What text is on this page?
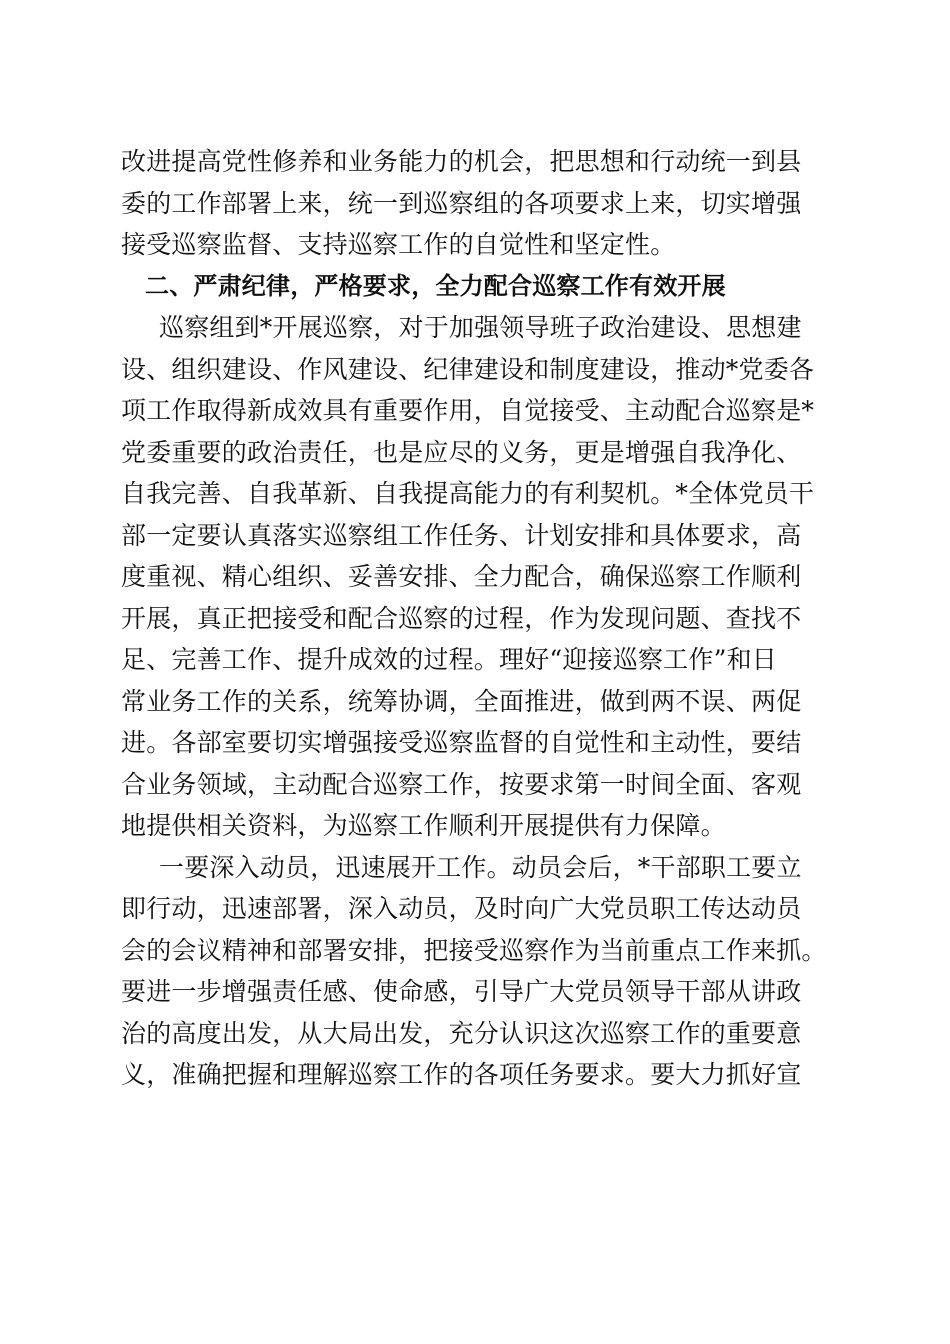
改进提高党性修养和业务能力的机会，把思想和行动统一到县
委的工作部署上来，统一到巡察组的各项要求上来，切实增强
接受巡察监督、支持巡察工作的自觉性和坚定性。
二、严肃纪律，严格要求，全力配合巡察工作有效开展
巡察组到*开展巡察，对于加强领导班子政治建设、思想建
设、组织建设、作风建设、纪律建设和制度建设，推动*党委各
项工作取得新成效具有重要作用，自觉接受、主动配合巡察是*
党委重要的政治责任，也是应尽的义务，更是增强自我净化、
自我完善、自我革新、自我提高能力的有利契机。*全体党员干
部一定要认真落实巡察组工作任务、计划安排和具体要求，高
度重视、精心组织、妥善安排、全力配合，确保巡察工作顺利
开展，真正把接受和配合巡察的过程，作为发现问题、查找不
足、完善工作、提升成效的过程。理好“迎接巡察工作”和日
常业务工作的关系，统筹协调，全面推进，做到两不误、两促
进。各部室要切实增强接受巡察监督的自觉性和主动性，要结
合业务领域，主动配合巡察工作，按要求第一时间全面、客观
地提供相关资料，为巡察工作顺利开展提供有力保障。
一要深入动员，迅速展开工作。动员会后，*干部职工要立
即行动，迅速部署，深入动员，及时向广大党员职工传达动员
会的会议精神和部署安排，把接受巡察作为当前重点工作来抓。
要进一步增强责任感、使命感，引导广大党员领导干部从讲政
治的高度出发，从大局出发，充分认识这次巡察工作的重要意
义，准确把握和理解巡察工作的各项任务要求。要大力抓好宣
